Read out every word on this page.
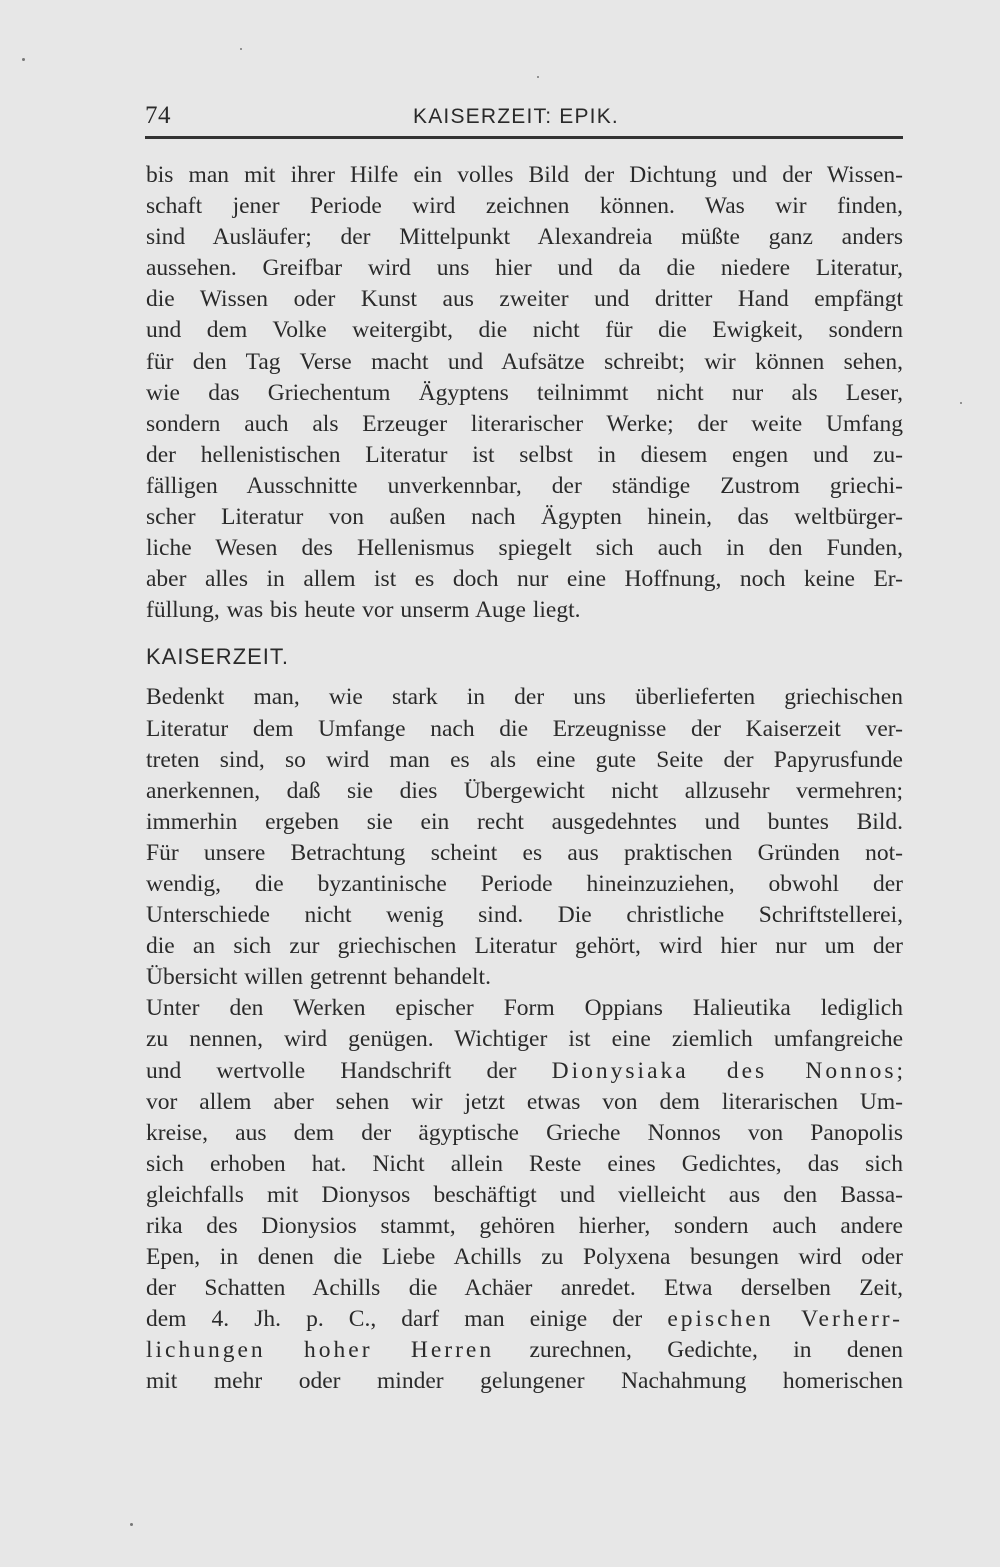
74	KAISERZEIT: EPIK.
bis man mit ihrer Hilfe ein volles Bild der Dichtung und der Wissen-
schaft jener Periode wird zeichnen können. Was wir finden,
sind Ausläufer; der Mittelpunkt Alexandreia müßte ganz anders
aussehen. Greifbar wird uns hier und da die niedere Literatur,
die Wissen oder Kunst aus zweiter und dritter Hand empfängt
und dem Volke weitergibt, die nicht für die Ewigkeit, sondern
für den Tag Verse macht und Aufsätze schreibt; wir können sehen,
wie das Griechentum Ägyptens teilnimmt nicht nur als Leser,
sondern auch als Erzeuger literarischer Werke; der weite Umfang
der hellenistischen Literatur ist selbst in diesem engen und zu-
fälligen Ausschnitte unverkennbar, der ständige Zustrom griechi-
scher Literatur von außen nach Ägypten hinein, das weltbürger-
liche Wesen des Hellenismus spiegelt sich auch in den Funden,
aber alles in allem ist es doch nur eine Hoffnung, noch keine Er-
füllung, was bis heute vor unserm Auge liegt.
KAISERZEIT.
Bedenkt man, wie stark in der uns überlieferten griechischen
Literatur dem Umfange nach die Erzeugnisse der Kaiserzeit ver-
treten sind, so wird man es als eine gute Seite der Papyrusfunde
anerkennen, daß sie dies Übergewicht nicht allzusehr vermehren;
immerhin ergeben sie ein recht ausgedehntes und buntes Bild.
Für unsere Betrachtung scheint es aus praktischen Gründen not-
wendig, die byzantinische Periode hineinzuziehen, obwohl der
Unterschiede nicht wenig sind. Die christliche Schriftstellerei,
die an sich zur griechischen Literatur gehört, wird hier nur um der
Übersicht willen getrennt behandelt.
Unter den Werken epischer Form Oppians Halieutika lediglich
zu nennen, wird genügen. Wichtiger ist eine ziemlich umfangreiche
und wertvolle Handschrift der Dionysiaka des Nonnos;
vor allem aber sehen wir jetzt etwas von dem literarischen Um-
kreise, aus dem der ägyptische Grieche Nonnos von Panopolis
sich erhoben hat. Nicht allein Reste eines Gedichtes, das sich
gleichfalls mit Dionysos beschäftigt und vielleicht aus den Bassa-
rika des Dionysios stammt, gehören hierher, sondern auch andere
Epen, in denen die Liebe Achills zu Polyxena besungen wird oder
der Schatten Achills die Achäer anredet. Etwa derselben Zeit,
dem 4. Jh. p. C., darf man einige der epischen Verherr-
lichungen hoher Herren zurechnen, Gedichte, in denen
mit mehr oder minder gelungener Nachahmung homerischen
